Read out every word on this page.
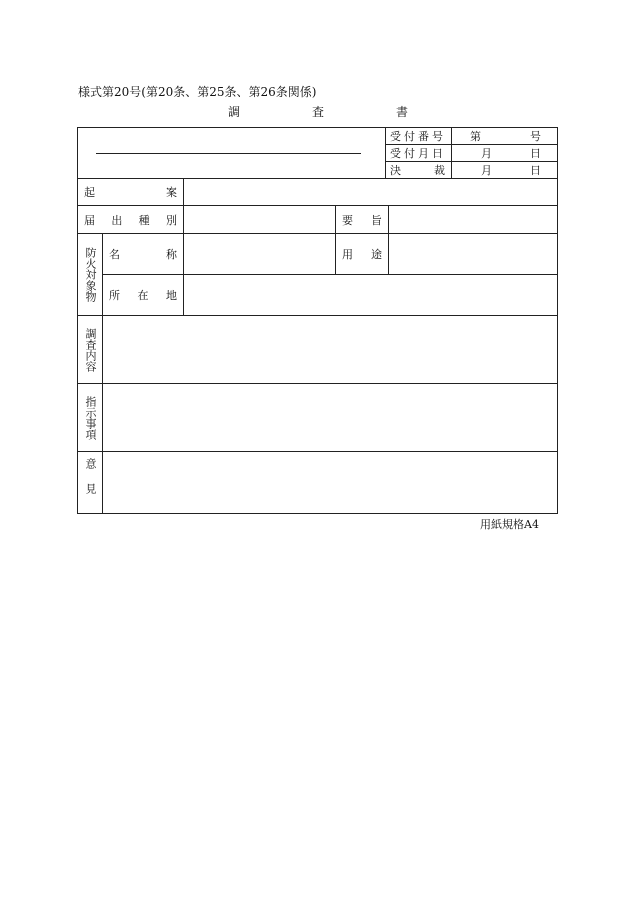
様式第20号(第20条、第25条、第26条関係)
調	査	書

				受付番号		第 号

				受付月日		月 日

				決 裁		月 日

起 案						

届 出 種 別			要 旨			

防火対象物	名 称		用 途			

	所 在 地					

調査内容						

指示事項						

意見						

用紙規格A4
